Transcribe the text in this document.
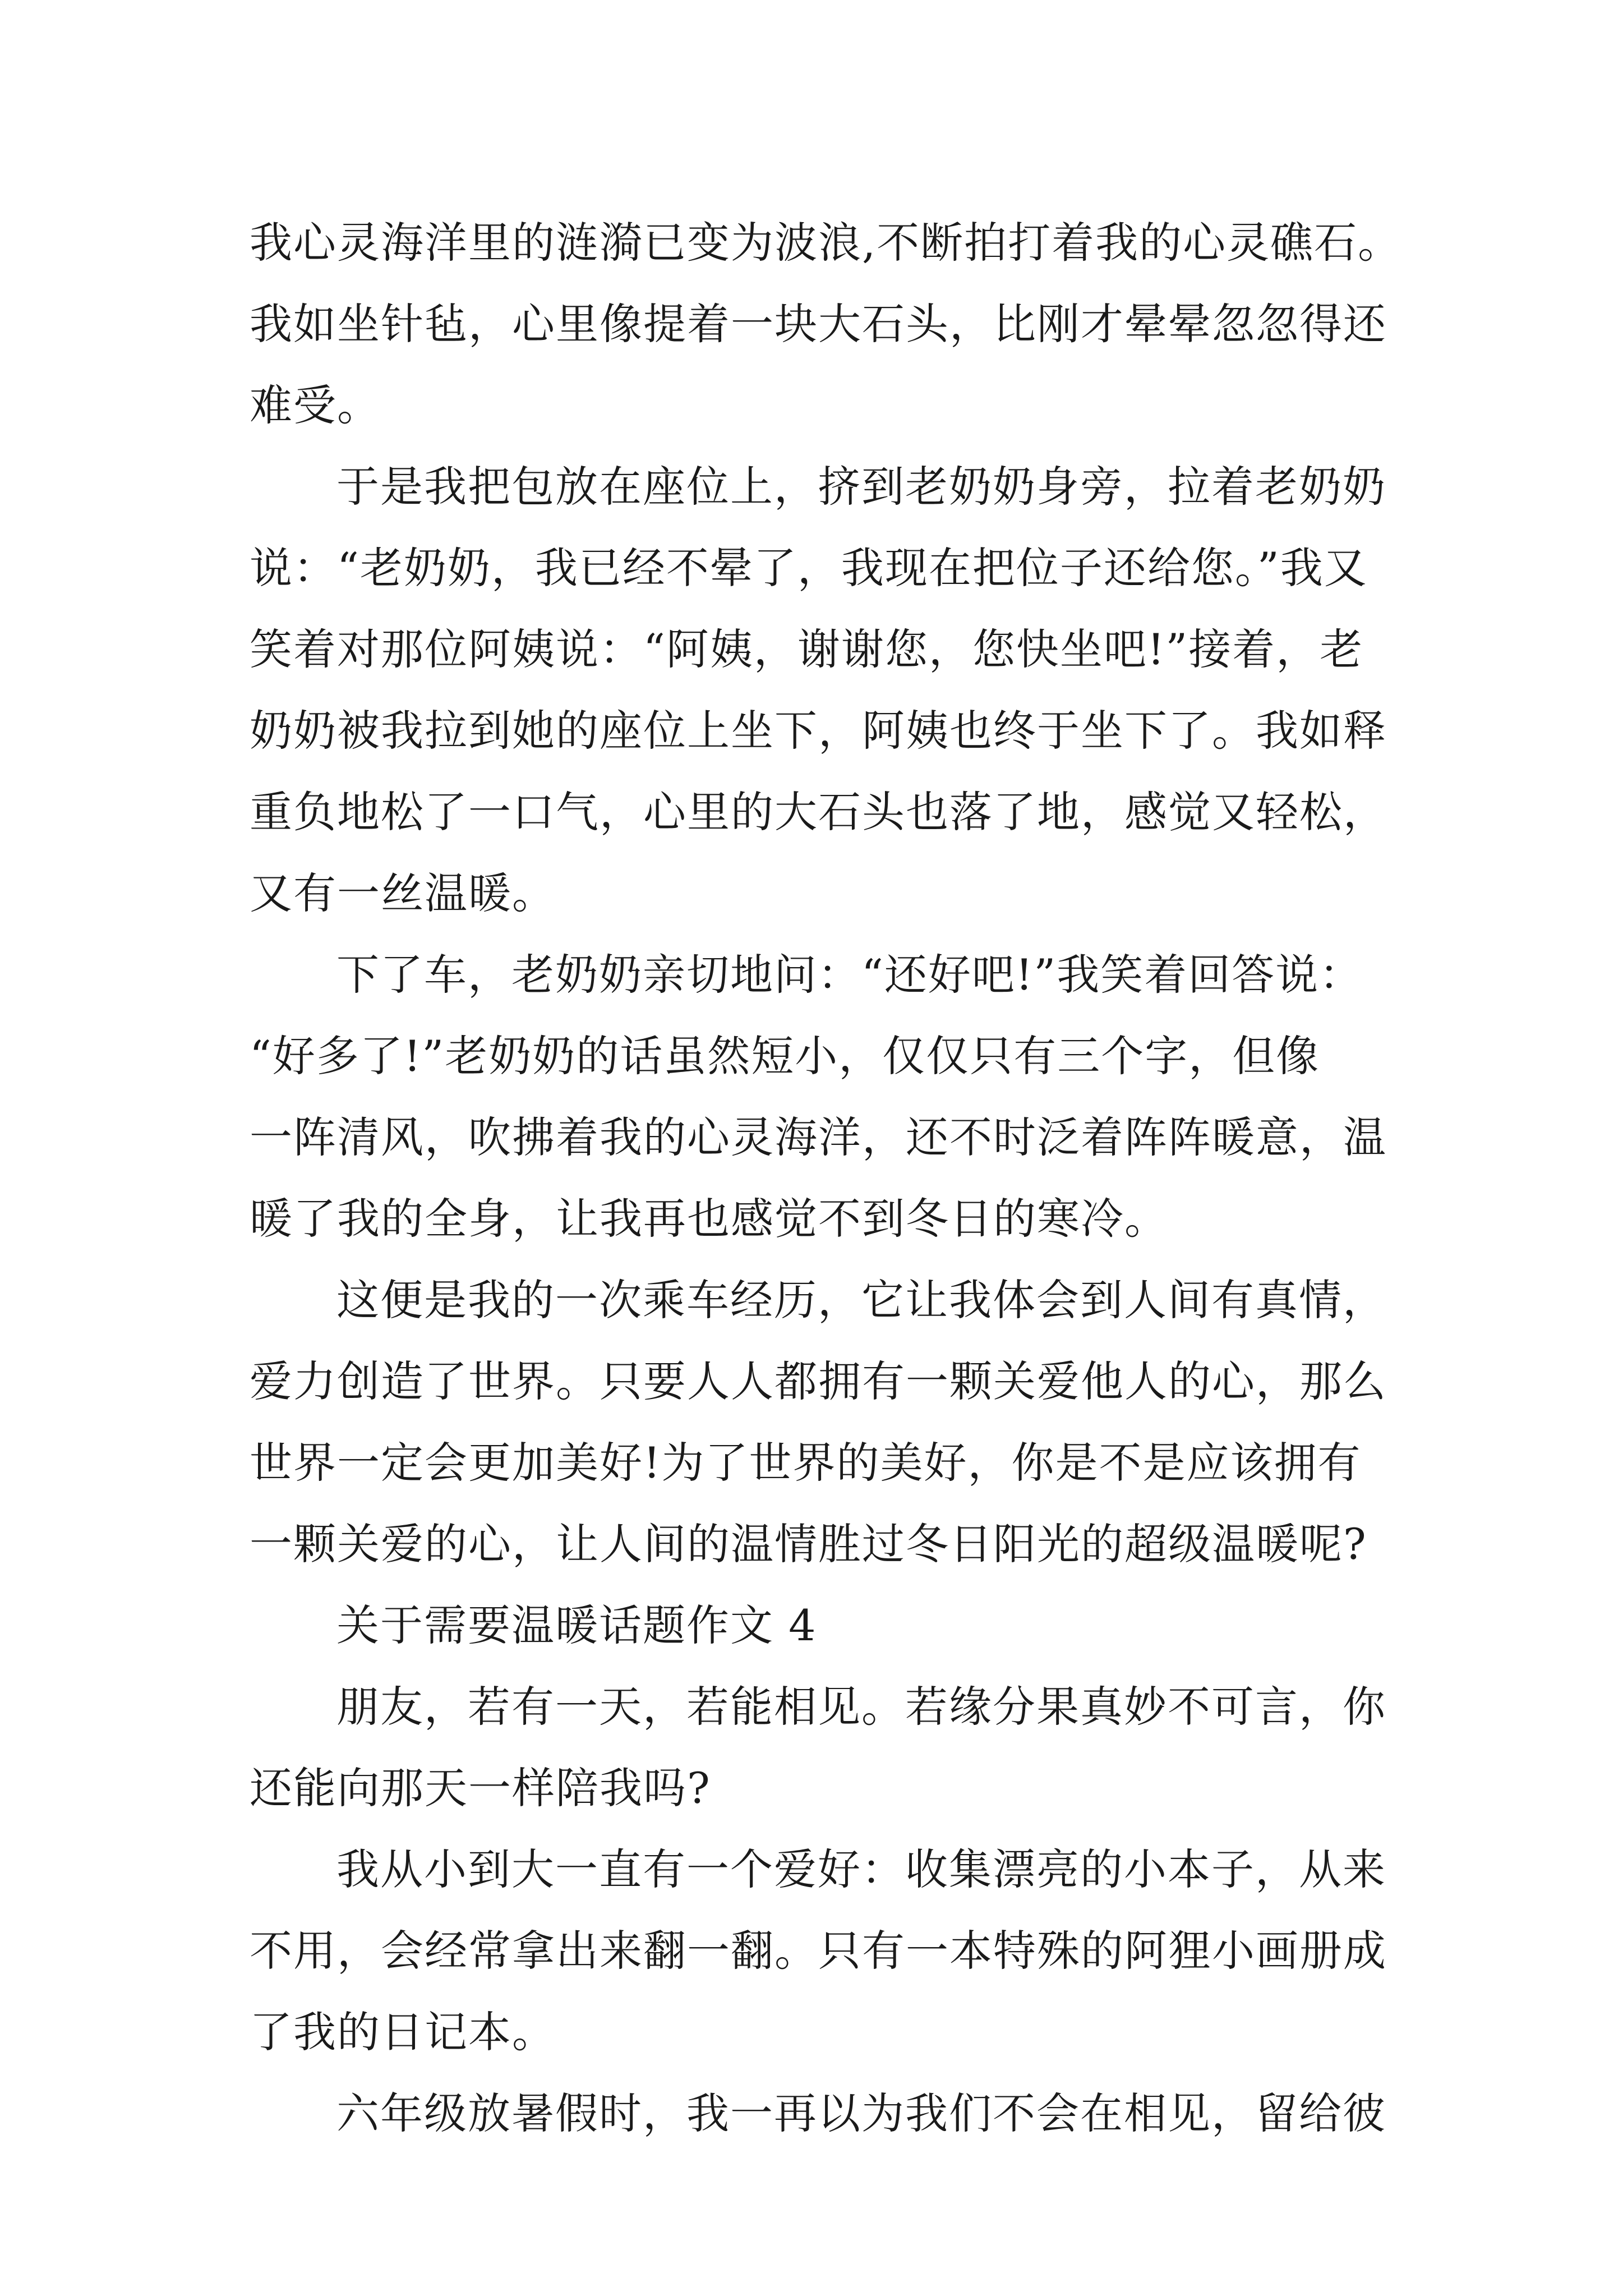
我心灵海洋里的涟漪已变为波浪,不断拍打着我的心灵礁石。
我如坐针毡，心里像提着一块大石头，比刚才晕晕忽忽得还
难受。
于是我把包放在座位上，挤到老奶奶身旁，拉着老奶奶
说：“老奶奶，我已经不晕了，我现在把位子还给您。”我又
笑着对那位阿姨说：“阿姨，谢谢您，您快坐吧!”接着，老
奶奶被我拉到她的座位上坐下，阿姨也终于坐下了。我如释
重负地松了一口气，心里的大石头也落了地，感觉又轻松，
又有一丝温暖。
下了车，老奶奶亲切地问：“还好吧!”我笑着回答说：
“好多了!”老奶奶的话虽然短小，仅仅只有三个字，但像
一阵清风，吹拂着我的心灵海洋，还不时泛着阵阵暖意，温
暖了我的全身，让我再也感觉不到冬日的寒冷。
这便是我的一次乘车经历，它让我体会到人间有真情，
爱力创造了世界。只要人人都拥有一颗关爱他人的心，那么
世界一定会更加美好!为了世界的美好，你是不是应该拥有
一颗关爱的心，让人间的温情胜过冬日阳光的超级温暖呢?
关于需要温暖话题作文 4
朋友，若有一天，若能相见。若缘分果真妙不可言，你
还能向那天一样陪我吗?
我从小到大一直有一个爱好：收集漂亮的小本子，从来
不用，会经常拿出来翻一翻。只有一本特殊的阿狸小画册成
了我的日记本。
六年级放暑假时，我一再以为我们不会在相见，留给彼
